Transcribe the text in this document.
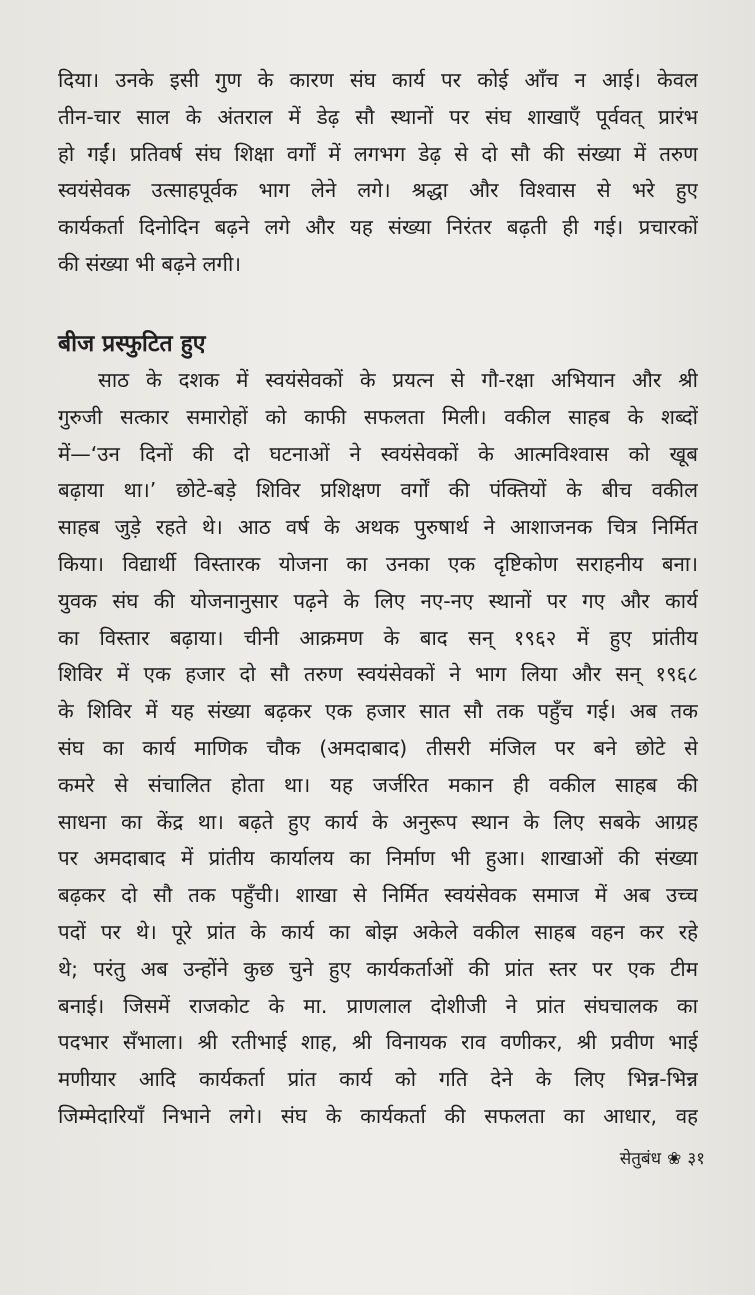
दिया। उनके इसी गुण के कारण संघ कार्य पर कोई आँच न आई। केवल
तीन-चार साल के अंतराल में डेढ़ सौ स्थानों पर संघ शाखाएँ पूर्ववत् प्रारंभ
हो गईं। प्रतिवर्ष संघ शिक्षा वर्गों में लगभग डेढ़ से दो सौ की संख्या में तरुण
स्वयंसेवक उत्साहपूर्वक भाग लेने लगे। श्रद्धा और विश्वास से भरे हुए
कार्यकर्ता दिनोदिन बढ़ने लगे और यह संख्या निरंतर बढ़ती ही गई। प्रचारकों
की संख्या भी बढ़ने लगी।
बीज प्रस्फुटित हुए
साठ के दशक में स्वयंसेवकों के प्रयत्न से गौ-रक्षा अभियान और श्री
गुरुजी सत्कार समारोहों को काफी सफलता मिली। वकील साहब के शब्दों
में—‘उन दिनों की दो घटनाओं ने स्वयंसेवकों के आत्मविश्वास को खूब
बढ़ाया था।’ छोटे-बड़े शिविर प्रशिक्षण वर्गों की पंक्तियों के बीच वकील
साहब जुड़े रहते थे। आठ वर्ष के अथक पुरुषार्थ ने आशाजनक चित्र निर्मित
किया। विद्यार्थी विस्तारक योजना का उनका एक दृष्टिकोण सराहनीय बना।
युवक संघ की योजनानुसार पढ़ने के लिए नए-नए स्थानों पर गए और कार्य
का विस्तार बढ़ाया। चीनी आक्रमण के बाद सन् १९६२ में हुए प्रांतीय
शिविर में एक हजार दो सौ तरुण स्वयंसेवकों ने भाग लिया और सन् १९६८
के शिविर में यह संख्या बढ़कर एक हजार सात सौ तक पहुँच गई। अब तक
संघ का कार्य माणिक चौक (अमदाबाद) तीसरी मंजिल पर बने छोटे से
कमरे से संचालित होता था। यह जर्जरित मकान ही वकील साहब की
साधना का केंद्र था। बढ़ते हुए कार्य के अनुरूप स्थान के लिए सबके आग्रह
पर अमदाबाद में प्रांतीय कार्यालय का निर्माण भी हुआ। शाखाओं की संख्या
बढ़कर दो सौ तक पहुँची। शाखा से निर्मित स्वयंसेवक समाज में अब उच्च
पदों पर थे। पूरे प्रांत के कार्य का बोझ अकेले वकील साहब वहन कर रहे
थे; परंतु अब उन्होंने कुछ चुने हुए कार्यकर्ताओं की प्रांत स्तर पर एक टीम
बनाई। जिसमें राजकोट के मा. प्राणलाल दोशीजी ने प्रांत संघचालक का
पदभार सँभाला। श्री रतीभाई शाह, श्री विनायक राव वणीकर, श्री प्रवीण भाई
मणीयार आदि कार्यकर्ता प्रांत कार्य को गति देने के लिए भिन्न-भिन्न
जिम्मेदारियाँ निभाने लगे। संघ के कार्यकर्ता की सफलता का आधार, वह
सेतुबंध ❀ ३१
